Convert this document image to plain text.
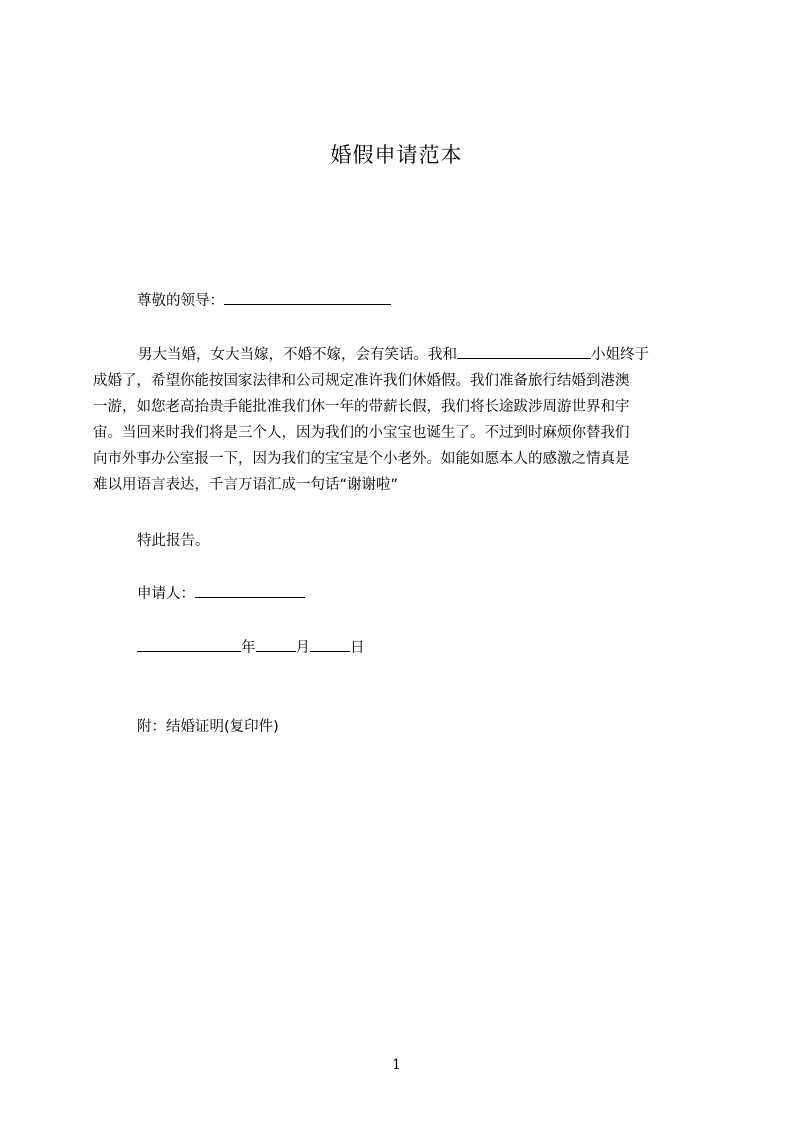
婚假申请范本
尊敬的领导：
男大当婚，女大当嫁，不婚不嫁，会有笑话。我和	小姐终于
成婚了，希望你能按国家法律和公司规定准许我们休婚假。我们准备旅行结婚到港澳
一游，如您老高抬贵手能批准我们休一年的带薪长假，我们将长途跋涉周游世界和宇
宙。当回来时我们将是三个人，因为我们的小宝宝也诞生了。不过到时麻烦你替我们
向市外事办公室报一下，因为我们的宝宝是个小老外。如能如愿本人的感激之情真是
难以用语言表达，千言万语汇成一句话“谢谢啦”
特此报告。
申请人：
年	月	日
附：结婚证明(复印件)
1
